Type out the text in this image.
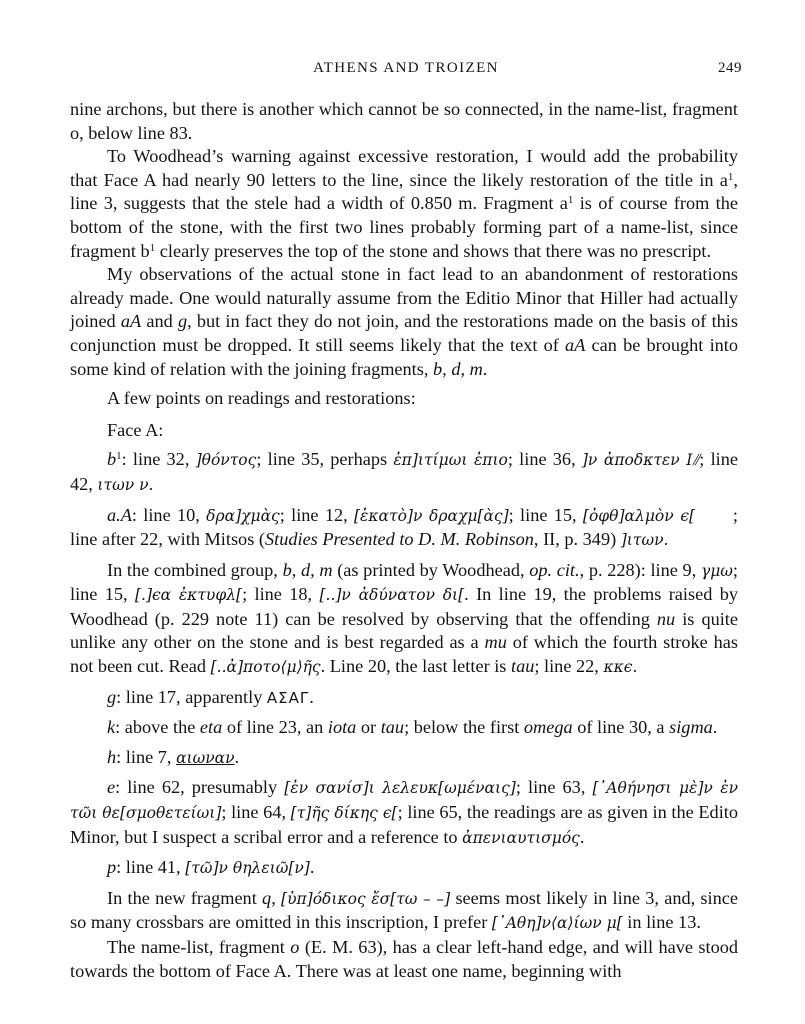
ATHENS AND TROIZEN	249

nine archons, but there is another which cannot be so connected, in the name-list, fragment o, below line 83.

To Woodhead’s warning against excessive restoration, I would add the probability that Face A had nearly 90 letters to the line, since the likely restoration of the title in $a^1$, line 3, suggests that the stele had a width of 0.850 m. Fragment $a^1$ is of course from the bottom of the stone, with the first two lines probably forming part of a name-list, since fragment $b^1$ clearly preserves the top of the stone and shows that there was no prescript.

My observations of the actual stone in fact lead to an abandonment of restorations already made. One would naturally assume from the Editio Minor that Hiller had actually joined aA and g, but in fact they do not join, and the restorations made on the basis of this conjunction must be dropped. It still seems likely that the text of aA can be brought into some kind of relation with the joining fragments, b, d, m.

A few points on readings and restorations:

Face A:

$b^1$: line 32, ]θόντος; line 35, perhaps ἐπ]ιτίμωι ἐπιο; line 36, ]ν ἀποδκτεν Ι⫽; line 42, ιτων ν.

a.A: line 10, δρα]χμὰς; line 12, [ἑκατὸ]ν δραχμ[ὰς]; line 15, [ὀφθ]αλμὸν ϵ[      ; line after 22, with Mitsos (Studies Presented to D. M. Robinson, II, p. 349) ]ιτων.

In the combined group, b, d, m (as printed by Woodhead, op. cit., p. 228): line 9, γμω; line 15, [.]ϵα ἐκτυφλ[; line 18, [..]ν ἀδύνατον δι[. In line 19, the problems raised by Woodhead (p. 229 note 11) can be resolved by observing that the offending nu is quite unlike any other on the stone and is best regarded as a mu of which the fourth stroke has not been cut. Read [..ἀ]ποτο⟨μ⟩ῆς. Line 20, the last letter is tau; line 22, κκϵ.

g: line 17, apparently ΑΣΑΓ.

k: above the eta of line 23, an iota or tau; below the first omega of line 30, a sigma.

h: line 7, αιωναν.

e: line 62, presumably [ἐν σανίσ]ι λελευκ[ωμέναις]; line 63, [᾿Αθήνησι μὲ]ν ἐν τῶι θε[σμοθετείωι]; line 64, [τ]ῆς δίκης ϵ[; line 65, the readings are as given in the Edito Minor, but I suspect a scribal error and a reference to ἀπενιαυτισμός.

p: line 41, [τῶ]ν θηλειῶ[ν].

In the new fragment q, [ὑπ]όδικος ἔσ[τω – –] seems most likely in line 3, and, since so many crossbars are omitted in this inscription, I prefer [᾿Αθη]ν⟨α⟩ίων μ[ in line 13.

The name-list, fragment o (E. M. 63), has a clear left-hand edge, and will have stood towards the bottom of Face A. There was at least one name, beginning with
